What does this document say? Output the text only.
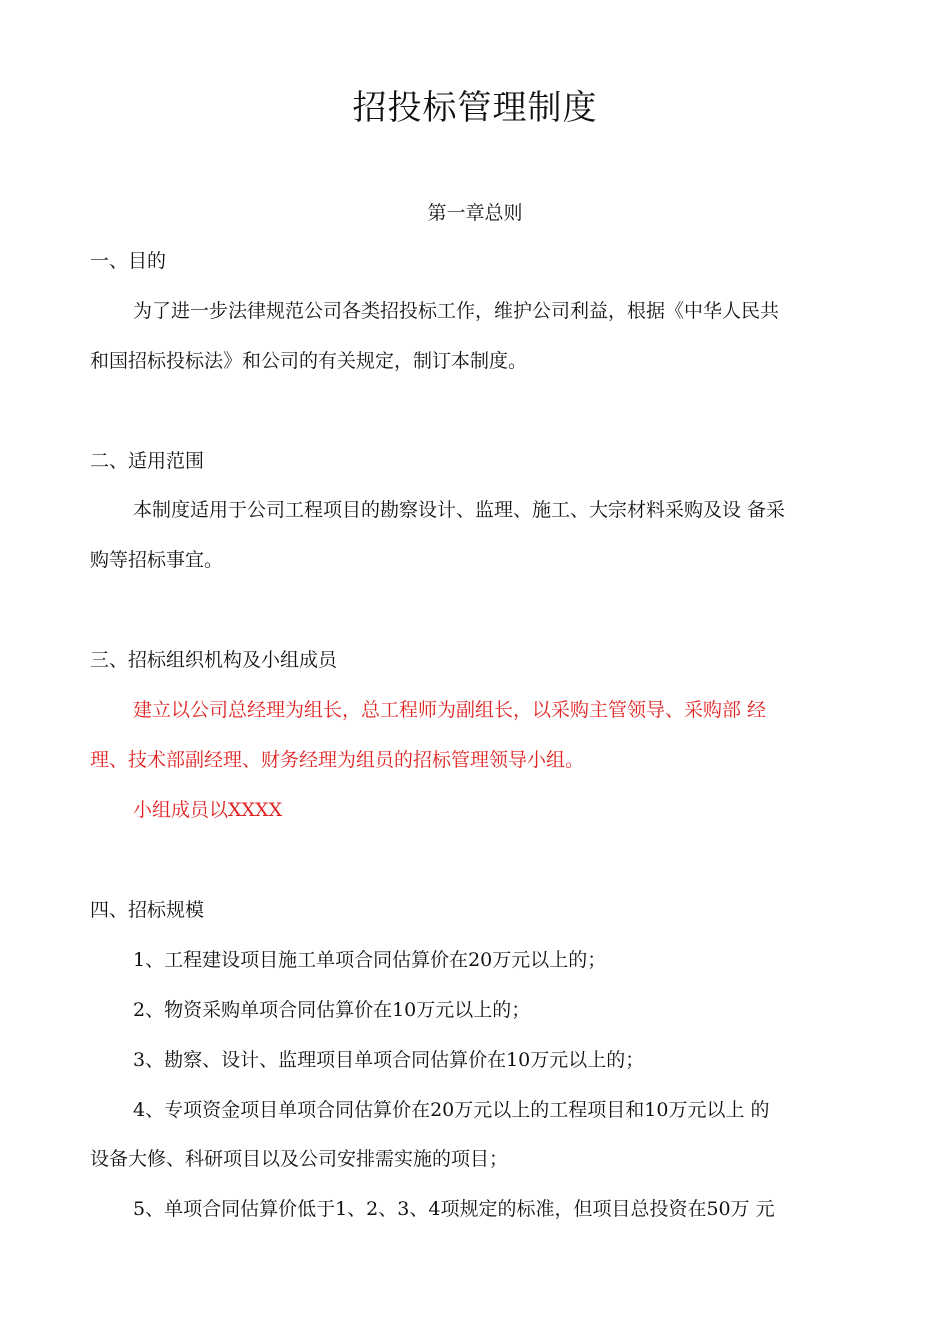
招投标管理制度
第一章总则
一、目的
为了进一步法律规范公司各类招投标工作，维护公司利益，根据《中华人民共
和国招标投标法》和公司的有关规定，制订本制度。
二、适用范围
本制度适用于公司工程项目的勘察设计、监理、施工、大宗材料采购及设 备采
购等招标事宜。
三、招标组织机构及小组成员
建立以公司总经理为组长，总工程师为副组长，以采购主管领导、采购部 经
理、技术部副经理、财务经理为组员的招标管理领导小组。
小组成员以XXXX
四、招标规模
1、工程建设项目施工单项合同估算价在20万元以上的；
2、物资采购单项合同估算价在10万元以上的；
3、勘察、设计、监理项目单项合同估算价在10万元以上的；
4、专项资金项目单项合同估算价在20万元以上的工程项目和10万元以上 的
设备大修、科研项目以及公司安排需实施的项目；
5、单项合同估算价低于1、2、3、4项规定的标准，但项目总投资在50万 元
